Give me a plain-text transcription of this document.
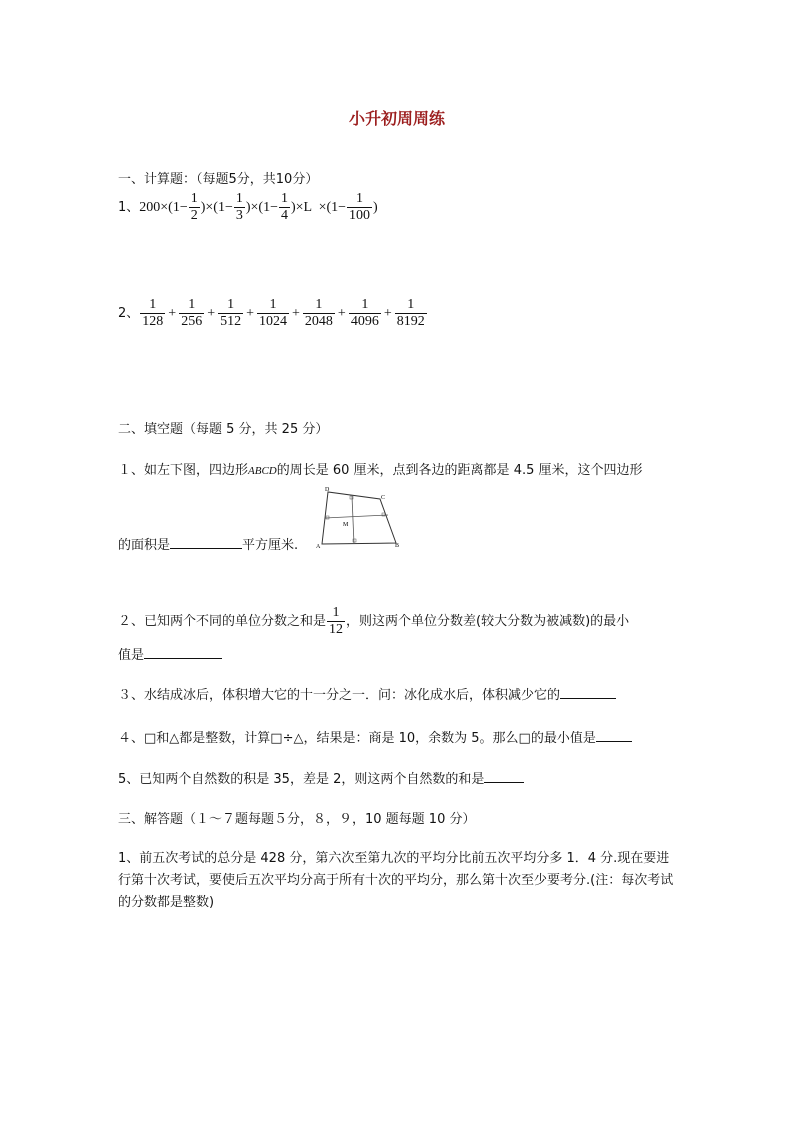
小升初周周练
一、计算题：（每题5分，共10分）
1、 $200\times(1- \frac{1}{2} )\times(1- \frac{1}{3} )\times(1- \frac{1}{4} )\times L \times(1- \frac{1}{100}$ )
2、 $\frac{1}{128} + \frac{1}{256} + \frac{1}{512} + \frac{1}{1024} + \frac{1}{2048} + \frac{1}{4096} + \frac{1}{8192}$
二、填空题（每题 5 分，共 25 分）
１、如左下图，四边形ABCD的周长是 60 厘米，点到各边的距离都是 4.5 厘米，这个四边形
D
C
M
A	B
的面积是	平方厘米.
２、已知两个不同的单位分数之和是 $\frac{1}{12}$ ，则这两个单位分数差(较大分数为被减数)的最小
值是
３、水结成冰后，体积增大它的十一分之一．问：冰化成水后，体积减少它的
４、□和△都是整数，计算□÷△，结果是：商是 10，余数为 5。那么□的最小值是
5、已知两个自然数的积是 35，差是 2，则这两个自然数的和是
三、解答题（１～７题每题５分，８，９，10 题每题 10 分）
1、前五次考试的总分是 428 分，第六次至第九次的平均分比前五次平均分多 1．4 分.现在要进行第十次考试，要使后五次平均分高于所有十次的平均分，那么第十次至少要考分.(注：每次考试的分数都是整数)
